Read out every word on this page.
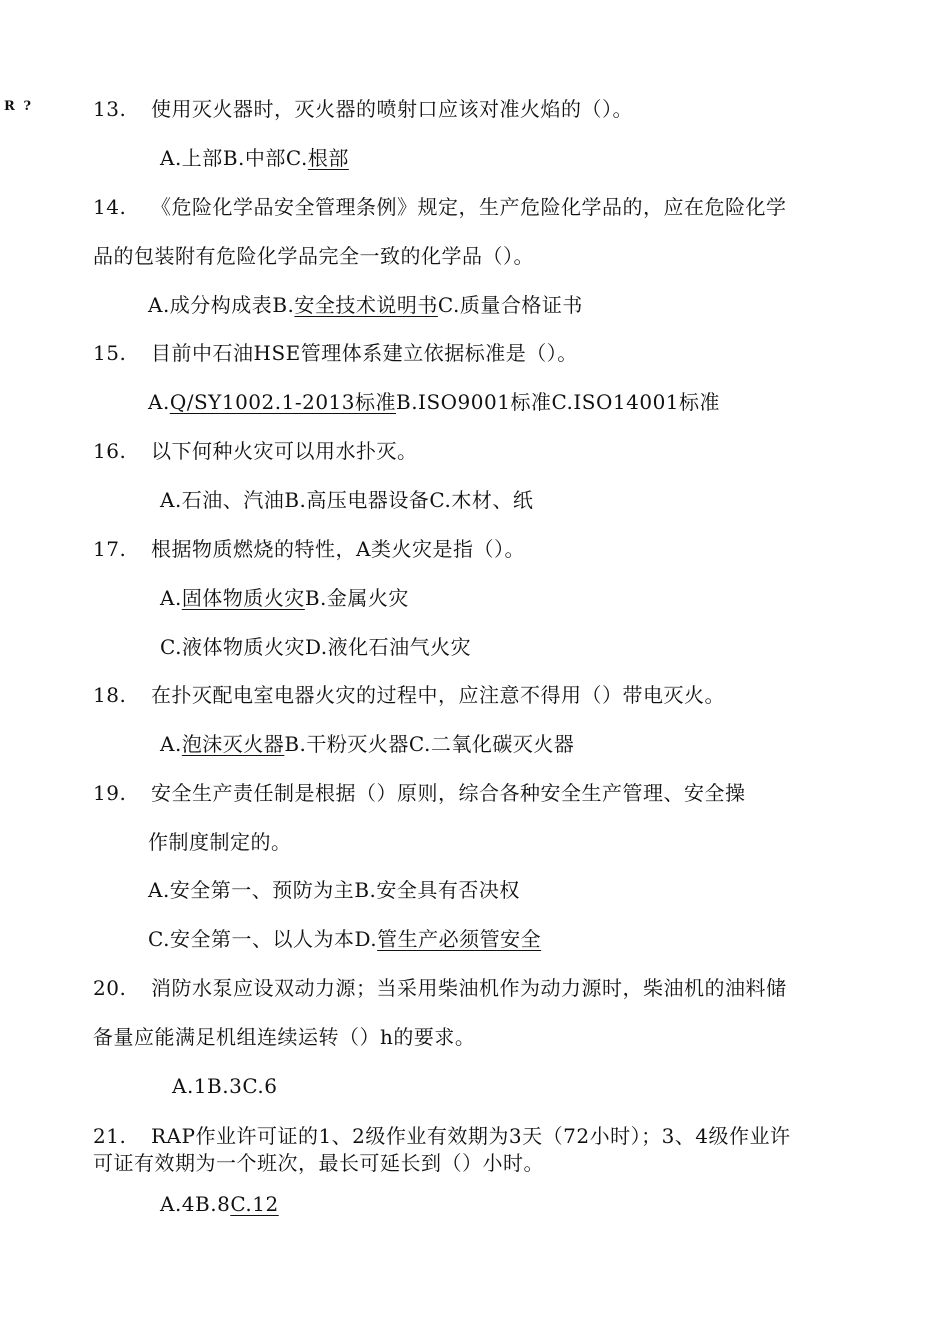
R ?	13. 使用灭火器时，灭火器的喷射口应该对准火焰的（）。
A.上部B.中部C.根部
14. 《危险化学品安全管理条例》规定，生产危险化学品的，应在危险化学
品的包装附有危险化学品完全一致的化学品（）。
A.成分构成表B.安全技术说明书C.质量合格证书
15. 目前中石油HSE管理体系建立依据标准是（）。
A.Q/SY1002.1-2013标准B.ISO9001标准C.ISO14001标准
16. 以下何种火灾可以用水扑灭。
A.石油、汽油B.高压电器设备C.木材、纸
17. 根据物质燃烧的特性，A类火灾是指（）。
A.固体物质火灾B.金属火灾
C.液体物质火灾D.液化石油气火灾
18. 在扑灭配电室电器火灾的过程中，应注意不得用（）带电灭火。
A.泡沫灭火器B.干粉灭火器C.二氧化碳灭火器
19. 安全生产责任制是根据（）原则，综合各种安全生产管理、安全操
作制度制定的。
A.安全第一、预防为主B.安全具有否决权
C.安全第一、以人为本D.管生产必须管安全
20. 消防水泵应设双动力源；当采用柴油机作为动力源时，柴油机的油料储
备量应能满足机组连续运转（）h的要求。
A.1B.3C.6
21. RAP作业许可证的1、2级作业有效期为3天（72小时）；3、4级作业许
可证有效期为一个班次，最长可延长到（）小时。
A.4B.8C.12
